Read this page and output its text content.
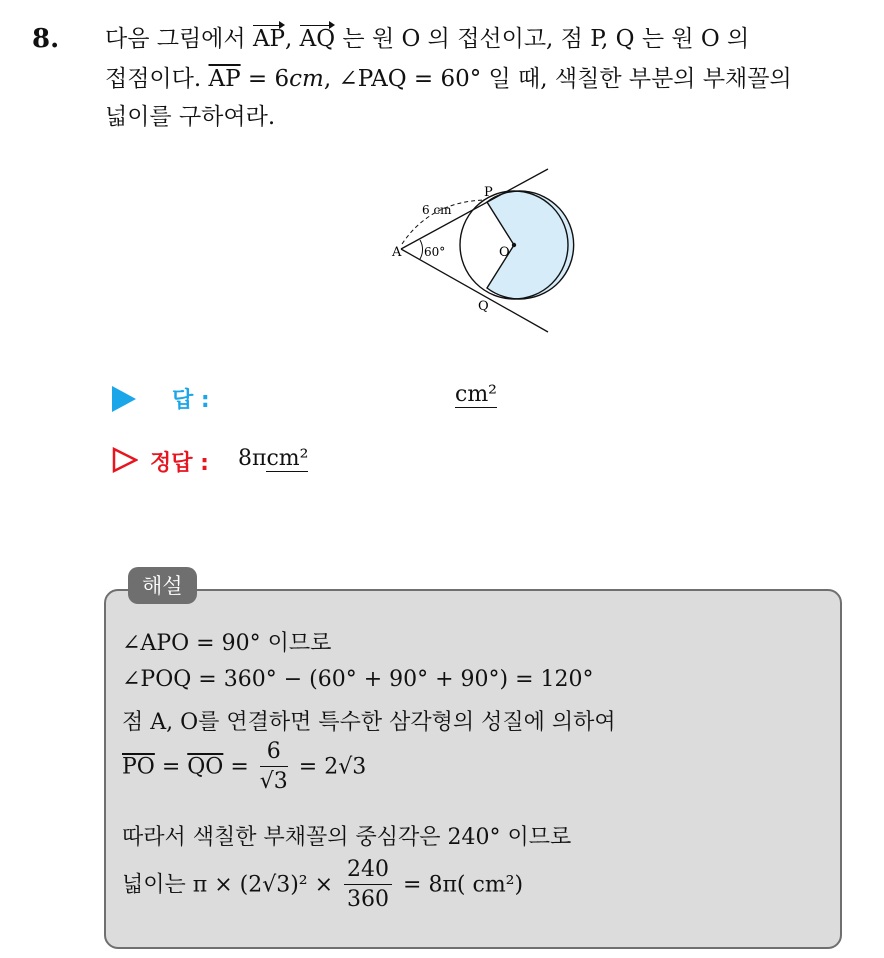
8. 다음 그림에서 AP, AQ 는 원 O 의 접선이고, 점 P, Q 는 원 O 의
접점이다. $\overline{AP} = 6cm$, ∠PAQ = 60° 일 때, 색칠한 부분의 부채꼴의
넓이를 구하여라.
P
Q
A	O
6 cm
60°
답 :	cm²
정답 : 8πcm²
해설
∠APO = 90° 이므로
∠POQ = 360° − (60° + 90° + 90°) = 120°
점 A, O를 연결하면 특수한 삼각형의 성질에 의하여
$\overline{PO} = \overline{QO} = \frac{6}{√3} = 2√3$
따라서 색칠한 부채꼴의 중심각은 240° 이므로
넓이는 $\pi \times (2√3)^2 \times \frac{240}{360} = 8\pi$( cm²)
